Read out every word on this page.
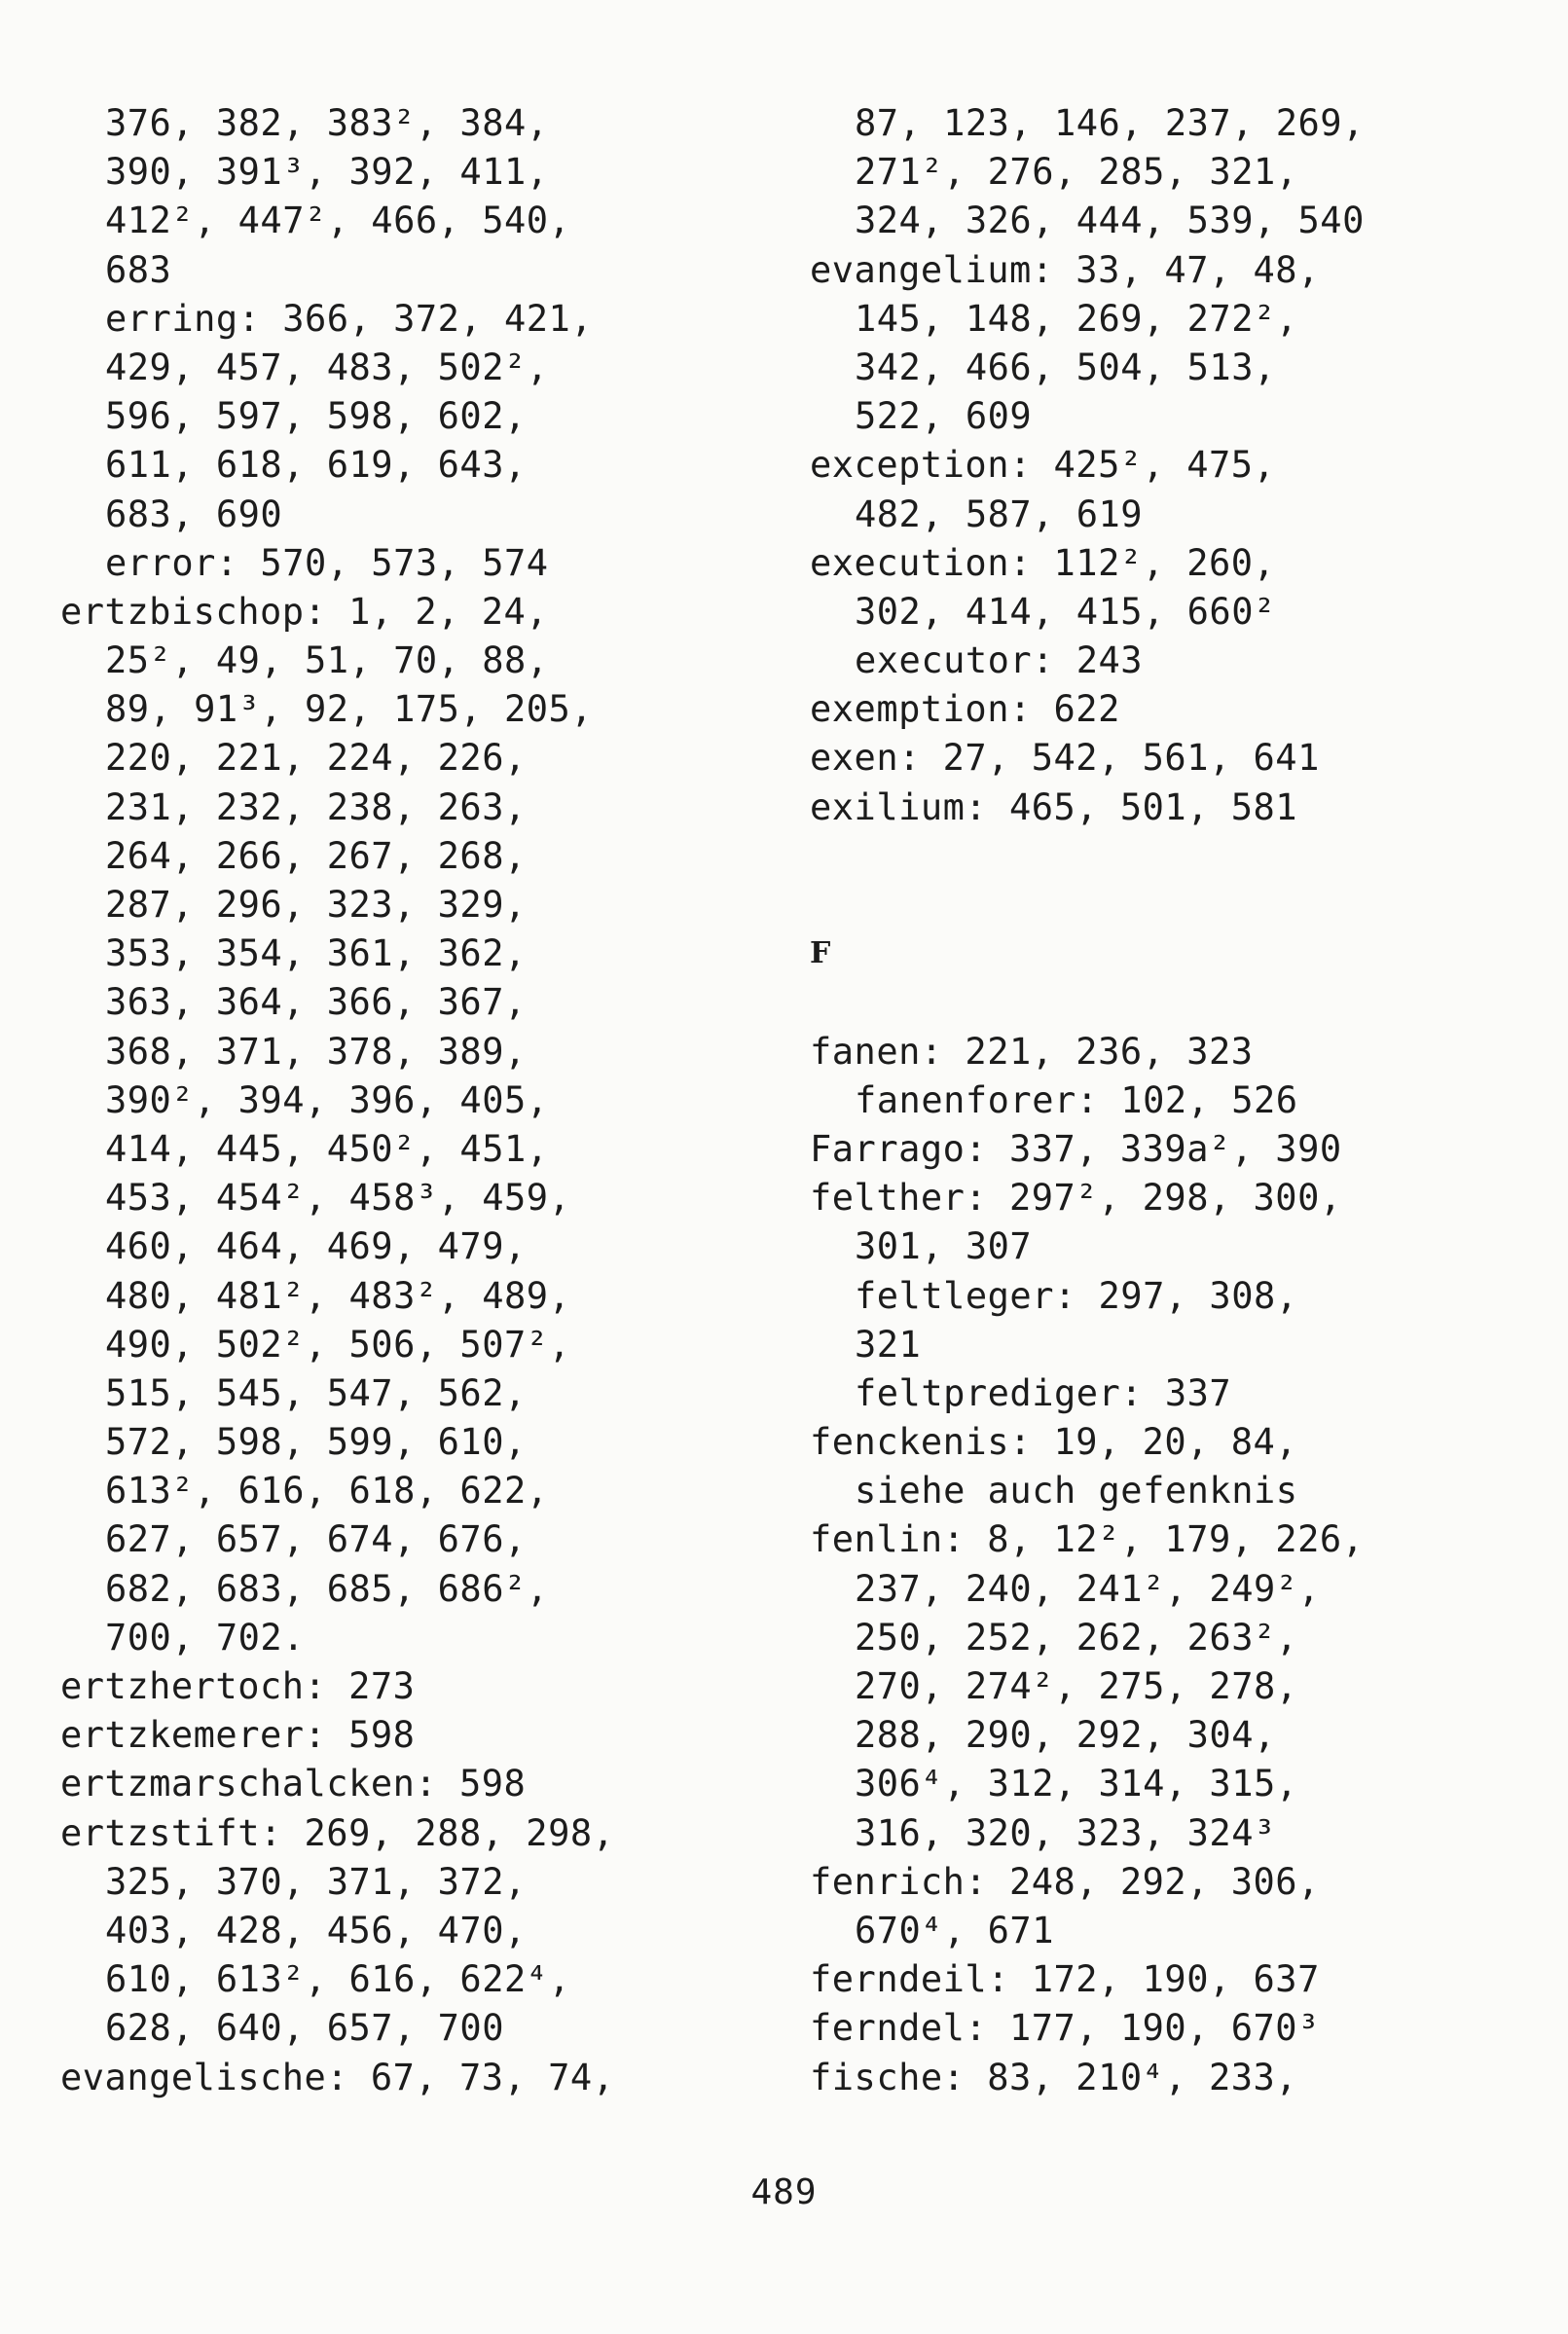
376, 382, 383², 384,
390, 391³, 392, 411,
412², 447², 466, 540,
683
erring: 366, 372, 421,
429, 457, 483, 502²,
596, 597, 598, 602,
611, 618, 619, 643,
683, 690
error: 570, 573, 574
ertzbischop: 1, 2, 24,
25², 49, 51, 70, 88,
89, 91³, 92, 175, 205,
220, 221, 224, 226,
231, 232, 238, 263,
264, 266, 267, 268,
287, 296, 323, 329,
353, 354, 361, 362,
363, 364, 366, 367,
368, 371, 378, 389,
390², 394, 396, 405,
414, 445, 450², 451,
453, 454², 458³, 459,
460, 464, 469, 479,
480, 481², 483², 489,
490, 502², 506, 507²,
515, 545, 547, 562,
572, 598, 599, 610,
613², 616, 618, 622,
627, 657, 674, 676,
682, 683, 685, 686²,
700, 702.
ertzhertoch: 273
ertzkemerer: 598
ertzmarschalcken: 598
ertzstift: 269, 288, 298,
325, 370, 371, 372,
403, 428, 456, 470,
610, 613², 616, 622⁴,
628, 640, 657, 700
evangelische: 67, 73, 74,
87, 123, 146, 237, 269,
271², 276, 285, 321,
324, 326, 444, 539, 540
evangelium: 33, 47, 48,
145, 148, 269, 272²,
342, 466, 504, 513,
522, 609
exception: 425², 475,
482, 587, 619
execution: 112², 260,
302, 414, 415, 660²
executor: 243
exemption: 622
exen: 27, 542, 561, 641
exilium: 465, 501, 581
F
fanen: 221, 236, 323
fanenforer: 102, 526
Farrago: 337, 339a², 390
felther: 297², 298, 300,
301, 307
feltleger: 297, 308,
321
feltprediger: 337
fenckenis: 19, 20, 84,
siehe auch gefenknis
fenlin: 8, 12², 179, 226,
237, 240, 241², 249²,
250, 252, 262, 263²,
270, 274², 275, 278,
288, 290, 292, 304,
306⁴, 312, 314, 315,
316, 320, 323, 324³
fenrich: 248, 292, 306,
670⁴, 671
ferndeil: 172, 190, 637
ferndel: 177, 190, 670³
fische: 83, 210⁴, 233,
489
